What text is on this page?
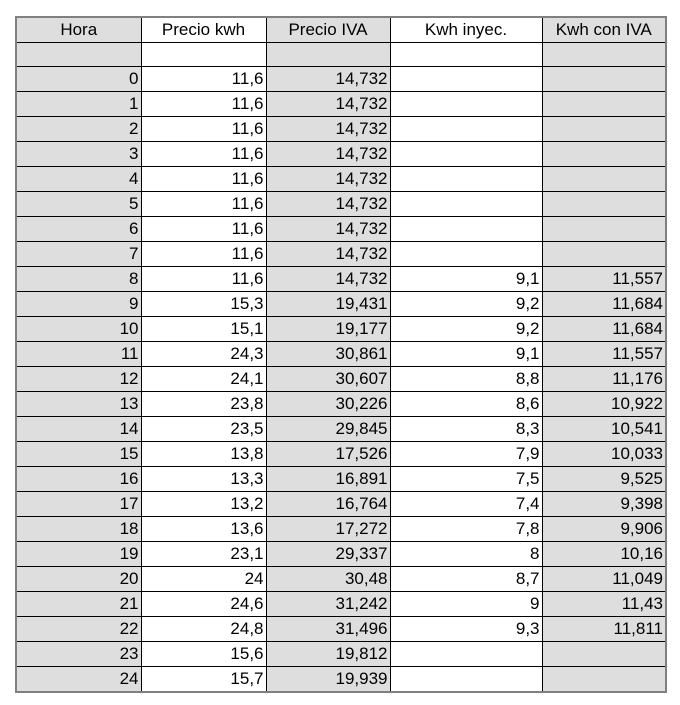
Hora	Precio kwh	Precio IVA	Kwh inyec.	Kwh con IVA

0	11,6	14,732		
1	11,6	14,732		
2	11,6	14,732		
3	11,6	14,732		
4	11,6	14,732		
5	11,6	14,732		
6	11,6	14,732		
7	11,6	14,732		
8	11,6	14,732	9,1	11,557
9	15,3	19,431	9,2	11,684
10	15,1	19,177	9,2	11,684
11	24,3	30,861	9,1	11,557
12	24,1	30,607	8,8	11,176
13	23,8	30,226	8,6	10,922
14	23,5	29,845	8,3	10,541
15	13,8	17,526	7,9	10,033
16	13,3	16,891	7,5	9,525
17	13,2	16,764	7,4	9,398
18	13,6	17,272	7,8	9,906
19	23,1	29,337	8	10,16
20	24	30,48	8,7	11,049
21	24,6	31,242	9	11,43
22	24,8	31,496	9,3	11,811
23	15,6	19,812		
24	15,7	19,939		
